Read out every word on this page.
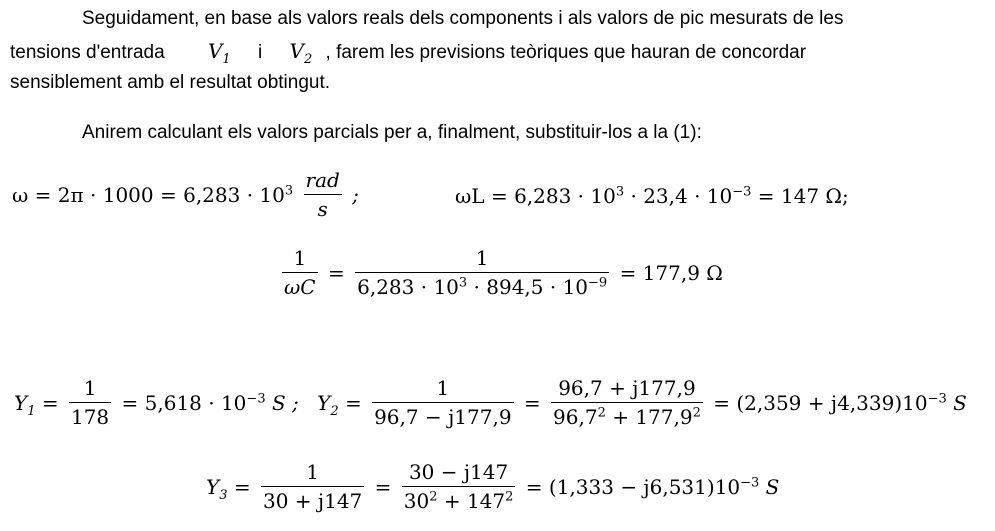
Seguidament, en base als valors reals dels components i als valors de pic mesurats de les
tensions d'entrada $V_1$ i $V_2$ , farem les previsions teòriques que hauran de concordar
sensiblement amb el resultat obtingut.
Anirem calculant els valors parcials per a, finalment, substituir-los a la (1):
$\omega = 2\pi \cdot 1000 = 6,283 \cdot 10^3 \frac{\text{rad}}{s}$ ;	$\omega L = 6,283 \cdot 10^3 \cdot 23,4 \cdot 10^{-3} = 147$ Ω;
$\frac{1}{\omega C} = \frac{1}{6,283 \cdot 10^3 \cdot 894,5 \cdot 10^{-9}} = 177,9$ Ω
$Y_1 = \frac{1}{178} = 5,618 \cdot 10^{-3}$ S ; $Y_2 = \frac{1}{96,7 - j177,9} = \frac{96,7 + j177,9}{96,7^2 + 177,9^2} = (2,359 + j4,339)10^{-3}$ S
$Y_3 = \frac{1}{30 + j147} = \frac{30 - j147}{30^2 + 147^2} = (1,333 - j6,531)10^{-3}$ S
